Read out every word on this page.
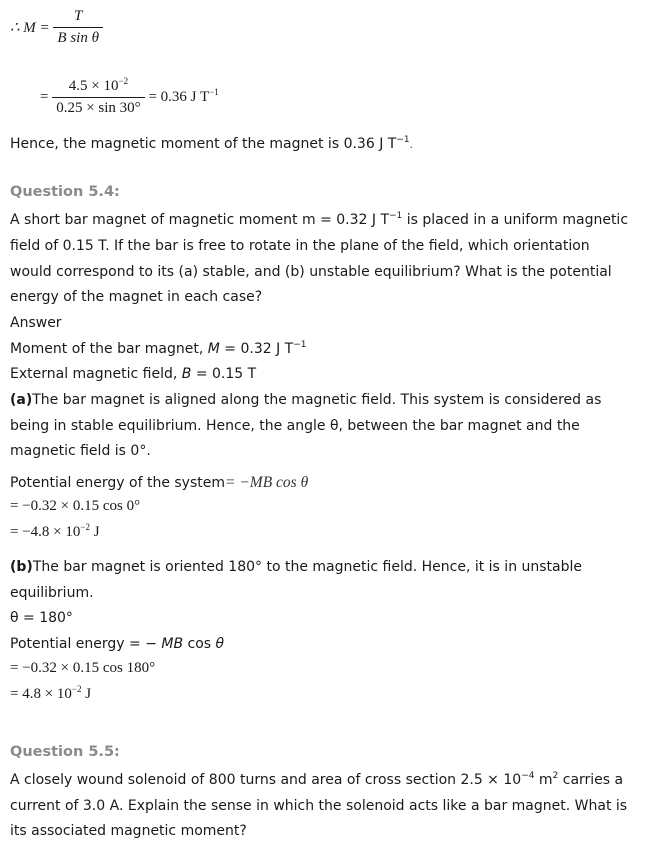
∴ $M = \frac{T}{\text{B sin θ}}$
= $\frac{4.5 \times 10^{-2}}{0.25 \times \sin 30^\circ} = 0.36$ J $T^{-1}$
Hence, the magnetic moment of the magnet is 0.36 J $T^{-1}$.
Question 5.4:
A short bar magnet of magnetic moment m = 0.32 J $T^{-1}$ is placed in a uniform magnetic
field of 0.15 T. If the bar is free to rotate in the plane of the field, which orientation
would correspond to its (a) stable, and (b) unstable equilibrium? What is the potential
energy of the magnet in each case?
Answer
Moment of the bar magnet, M = 0.32 J $T^{-1}$
External magnetic field, B = 0.15 T
(a)The bar magnet is aligned along the magnetic field. This system is considered as
being in stable equilibrium. Hence, the angle θ, between the bar magnet and the
magnetic field is 0°.
Potential energy of the system= −MB cos θ
= −0.32 × 0.15 cos 0°
= $-4.8 \times 10^{-2}$ J
(b)The bar magnet is oriented 180° to the magnetic field. Hence, it is in unstable
equilibrium.
θ = 180°
Potential energy = − MB cos θ
= −0.32 × 0.15 cos 180°
= $4.8 \times 10^{-2}$ J
Question 5.5:
A closely wound solenoid of 800 turns and area of cross section $2.5 \times 10^{-4}$ $m^2$ carries a
current of 3.0 A. Explain the sense in which the solenoid acts like a bar magnet. What is
its associated magnetic moment?
